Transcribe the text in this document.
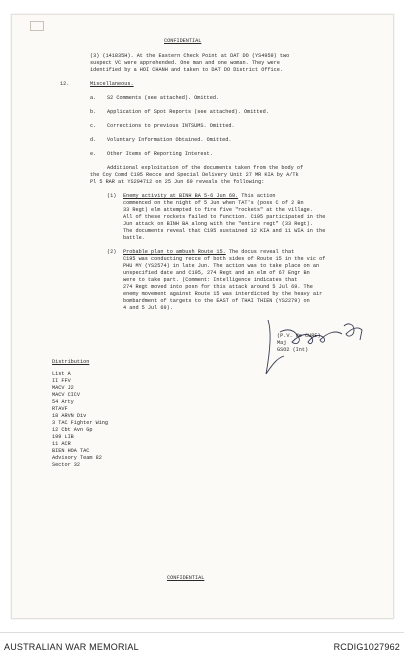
CONFIDENTIAL
(3) (141835H). At the Eastern Check Point at DAT DO (YS4959) two
suspect VC were apprehended. One man and one woman. They were
identified by a HOI CHANH and taken to DAT DO District Office.
12.	Miscellaneous.
a. S2 Comments (see attached). Omitted.
b. Application of Spot Reports (see attached). Omitted.
c. Corrections to previous INTSUMS. Omitted.
d. Voluntary Information Obtained. Omitted.
e. Other Items of Reporting Interest.
Additional exploitation of the documents taken from the body of
the Coy Comd C195 Recce and Special Delivery Unit 27 MR KIA by A/Tk
Pl 5 RAR at YS294712 on 25 Jun 69 reveals the following:
(1) Enemy activity at BINH BA 5-6 Jun 69. This action
commenced on the night of 5 Jun when TAT's (poss C of 2 Bn
33 Regt) elm attempted to fire five "rockets" at the village.
All of these rockets failed to function. C195 participated in the
Jun attack on BINH BA along with the "entire regt" (33 Regt).
The documents reveal that C195 sustained 12 KIA and 11 WIA in the
battle.
(2) Probable plan to ambush Route 15. The docus reveal that
C195 was conducting recce of both sides of Route 15 in the vic of
PHU MY (YS2574) in late Jun. The action was to take place on an
unspecified date and C195, 274 Regt and an elm of 67 Engr Bn
were to take part. (Comment: Intelligence indicates that
274 Regt moved into posn for this attack around 5 Jul 69. The
enemy movement against Route 15 was interdicted by the heavy air
bombardment of targets to the EAST of THAI THIEN (YS2279) on
4 and 5 Jul 69).
(P.V. de CURE)
Maj
GSO2 (Int)
Distribution
List A
II FFV
MACV J2
MACV CICV
54 Arty
RTAVF
18 ARVN Div
3 TAC Fighter Wing
12 Cbt Avn Gp
199 LIB
11 ACR
BIEN HOA TAC
Advisory Team 82
Sector 32
CONFIDENTIAL
AUSTRALIAN WAR MEMORIAL	RCDIG1027962
